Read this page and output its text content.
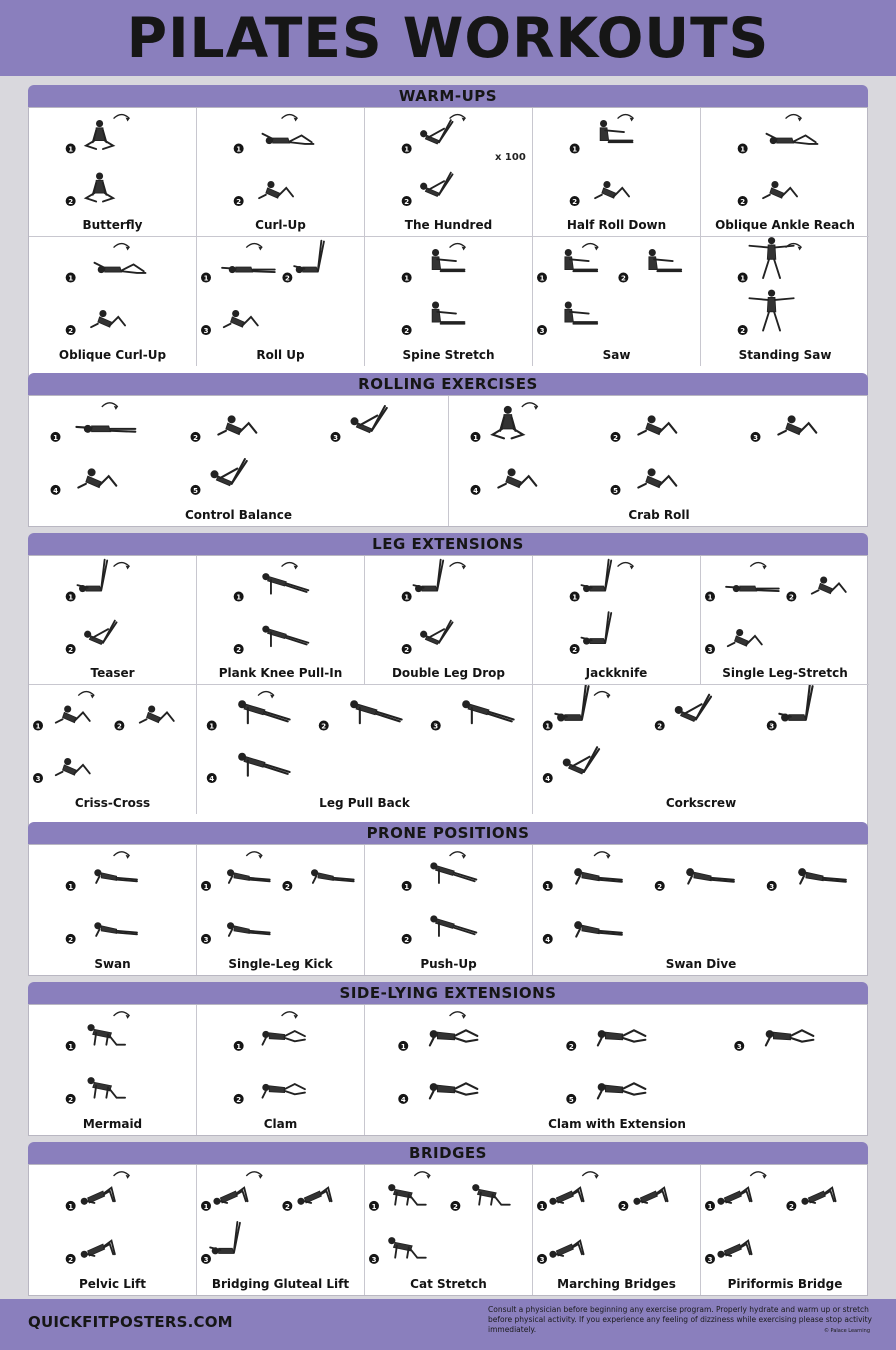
PILATES WORKOUTS
WARM-UPS
1
2
Butterfly
1
2
Curl-Up
1
2
x 100
The Hundred
1
2
Half Roll Down
1
2
Oblique Ankle Reach
1
2
Oblique Curl-Up
1	2
3
Roll Up
1
2
Spine Stretch
1	2
3
Saw
1
2
Standing Saw
ROLLING EXERCISES
1	2	3
4	5
Control Balance
1	2	3
4	5
Crab Roll
LEG EXTENSIONS
1
2
Teaser
1
2
Plank Knee Pull-In
1
2
Double Leg Drop
1
2
Jackknife
1	2
3
Single Leg-Stretch
1	2
3
Criss-Cross
1	2	3
4
Leg Pull Back
1	2	3
4
Corkscrew
PRONE POSITIONS
1
2
Swan
1	2
3
Single-Leg Kick
1
2
Push-Up
1	2	3
4
Swan Dive
SIDE-LYING EXTENSIONS
1
2
Mermaid
1
2
Clam
1	2	3
4	5
Clam with Extension
BRIDGES
1
2
Pelvic Lift
1	2
3
Bridging Gluteal Lift
1	2
3
Cat Stretch
1	2
3
Marching Bridges
1	2
3
Piriformis Bridge
QUICKFITPOSTERS.COM
Consult a physician before beginning any exercise program. Properly hydrate and warm up or stretch before physical activity. If you experience any feeling of dizziness while exercising please stop activity immediately.	© Palace Learning
